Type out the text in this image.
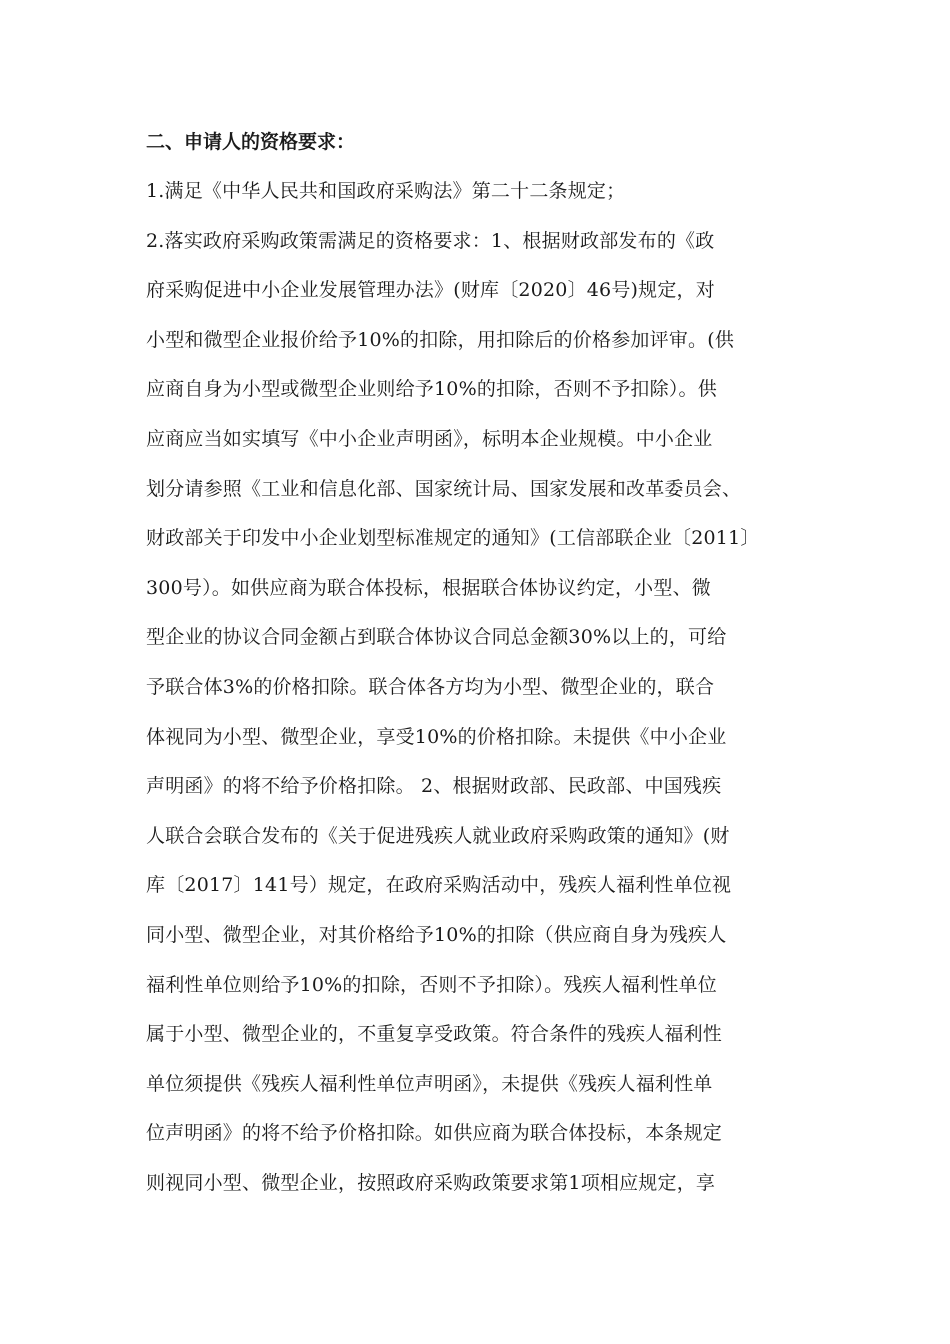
二、申请人的资格要求：

1.满足《中华人民共和国政府采购法》第二十二条规定；

2.落实政府采购政策需满足的资格要求：1、根据财政部发布的《政

府采购促进中小企业发展管理办法》(财库〔2020〕46号)规定，对

小型和微型企业报价给予10%的扣除，用扣除后的价格参加评审。(供

应商自身为小型或微型企业则给予10%的扣除，否则不予扣除）。供

应商应当如实填写《中小企业声明函》，标明本企业规模。中小企业

划分请参照《工业和信息化部、国家统计局、国家发展和改革委员会、

财政部关于印发中小企业划型标准规定的通知》(工信部联企业〔2011〕

300号）。如供应商为联合体投标，根据联合体协议约定，小型、微

型企业的协议合同金额占到联合体协议合同总金额30%以上的，可给

予联合体3%的价格扣除。联合体各方均为小型、微型企业的，联合

体视同为小型、微型企业，享受10%的价格扣除。未提供《中小企业

声明函》的将不给予价格扣除。 2、根据财政部、民政部、中国残疾

人联合会联合发布的《关于促进残疾人就业政府采购政策的通知》(财

库〔2017〕141号）规定，在政府采购活动中，残疾人福利性单位视

同小型、微型企业，对其价格给予10%的扣除（供应商自身为残疾人

福利性单位则给予10%的扣除，否则不予扣除）。残疾人福利性单位

属于小型、微型企业的，不重复享受政策。符合条件的残疾人福利性

单位须提供《残疾人福利性单位声明函》，未提供《残疾人福利性单

位声明函》的将不给予价格扣除。如供应商为联合体投标，本条规定

则视同小型、微型企业，按照政府采购政策要求第1项相应规定，享
